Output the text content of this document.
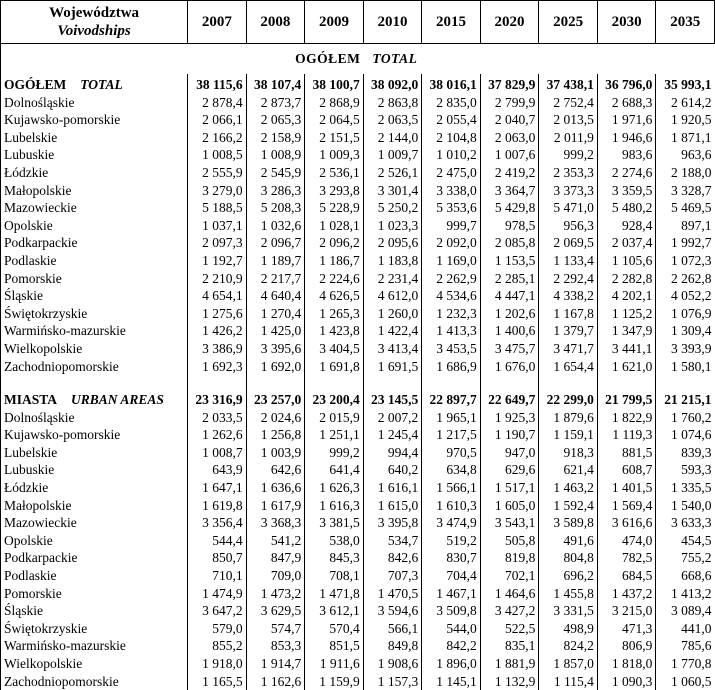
Województwa
Voivodships	2007	2008	2009	2010	2015	2020	2025	2030	2035
OGÓŁEM TOTAL									
OGÓŁEM TOTAL	38 115,6	38 107,4	38 100,7	38 092,0	38 016,1	37 829,9	37 438,1	36 796,0	35 993,1
Dolnośląskie	2 878,4	2 873,7	2 868,9	2 863,8	2 835,0	2 799,9	2 752,4	2 688,3	2 614,2
Kujawsko-pomorskie	2 066,1	2 065,3	2 064,5	2 063,5	2 055,4	2 040,7	2 013,5	1 971,6	1 920,5
Lubelskie	2 166,2	2 158,9	2 151,5	2 144,0	2 104,8	2 063,0	2 011,9	1 946,6	1 871,1
Lubuskie	1 008,5	1 008,9	1 009,3	1 009,7	1 010,2	1 007,6	999,2	983,6	963,6
Łódzkie	2 555,9	2 545,9	2 536,1	2 526,1	2 475,0	2 419,2	2 353,3	2 274,6	2 188,0
Małopolskie	3 279,0	3 286,3	3 293,8	3 301,4	3 338,0	3 364,7	3 373,3	3 359,5	3 328,7
Mazowieckie	5 188,5	5 208,3	5 228,9	5 250,2	5 353,6	5 429,8	5 471,0	5 480,2	5 469,5
Opolskie	1 037,1	1 032,6	1 028,1	1 023,3	999,7	978,5	956,3	928,4	897,1
Podkarpackie	2 097,3	2 096,7	2 096,2	2 095,6	2 092,0	2 085,8	2 069,5	2 037,4	1 992,7
Podlaskie	1 192,7	1 189,7	1 186,7	1 183,8	1 169,0	1 153,5	1 133,4	1 105,6	1 072,3
Pomorskie	2 210,9	2 217,7	2 224,6	2 231,4	2 262,9	2 285,1	2 292,4	2 282,8	2 262,8
Śląskie	4 654,1	4 640,4	4 626,5	4 612,0	4 534,6	4 447,1	4 338,2	4 202,1	4 052,2
Świętokrzyskie	1 275,6	1 270,4	1 265,3	1 260,0	1 232,3	1 202,6	1 167,8	1 125,2	1 076,9
Warmińsko-mazurskie	1 426,2	1 425,0	1 423,8	1 422,4	1 413,3	1 400,6	1 379,7	1 347,9	1 309,4
Wielkopolskie	3 386,9	3 395,6	3 404,5	3 413,4	3 453,5	3 475,7	3 471,7	3 441,1	3 393,9
Zachodniopomorskie	1 692,3	1 692,0	1 691,8	1 691,5	1 686,9	1 676,0	1 654,4	1 621,0	1 580,1

MIASTA URBAN AREAS	23 316,9	23 257,0	23 200,4	23 145,5	22 897,7	22 649,7	22 299,0	21 799,5	21 215,1
Dolnośląskie	2 033,5	2 024,6	2 015,9	2 007,2	1 965,1	1 925,3	1 879,6	1 822,9	1 760,2
Kujawsko-pomorskie	1 262,6	1 256,8	1 251,1	1 245,4	1 217,5	1 190,7	1 159,1	1 119,3	1 074,6
Lubelskie	1 008,7	1 003,9	999,2	994,4	970,5	947,0	918,3	881,5	839,3
Lubuskie	643,9	642,6	641,4	640,2	634,8	629,6	621,4	608,7	593,3
Łódzkie	1 647,1	1 636,6	1 626,3	1 616,1	1 566,1	1 517,1	1 463,2	1 401,5	1 335,5
Małopolskie	1 619,8	1 617,9	1 616,3	1 615,0	1 610,3	1 605,0	1 592,4	1 569,4	1 540,0
Mazowieckie	3 356,4	3 368,3	3 381,5	3 395,8	3 474,9	3 543,1	3 589,8	3 616,6	3 633,3
Opolskie	544,4	541,2	538,0	534,7	519,2	505,8	491,6	474,0	454,5
Podkarpackie	850,7	847,9	845,3	842,6	830,7	819,8	804,8	782,5	755,2
Podlaskie	710,1	709,0	708,1	707,3	704,4	702,1	696,2	684,5	668,6
Pomorskie	1 474,9	1 473,2	1 471,8	1 470,5	1 467,1	1 464,6	1 455,8	1 437,2	1 413,2
Śląskie	3 647,2	3 629,5	3 612,1	3 594,6	3 509,8	3 427,2	3 331,5	3 215,0	3 089,4
Świętokrzyskie	579,0	574,7	570,4	566,1	544,0	522,5	498,9	471,3	441,0
Warmińsko-mazurskie	855,2	853,3	851,5	849,8	842,2	835,1	824,2	806,9	785,6
Wielkopolskie	1 918,0	1 914,7	1 911,6	1 908,6	1 896,0	1 881,9	1 857,0	1 818,0	1 770,8
Zachodniopomorskie	1 165,5	1 162,6	1 159,9	1 157,3	1 145,1	1 132,9	1 115,4	1 090,3	1 060,5
